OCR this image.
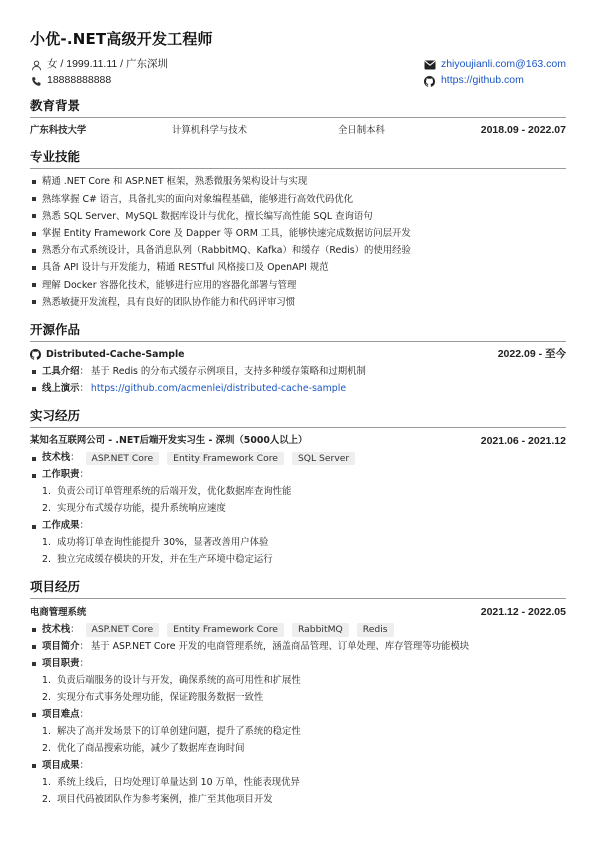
小优-.NET高级开发工程师
女 / 1999.11.11 / 广东深圳
18888888888
zhiyoujianli.com@163.com
https://github.com
教育背景
广东科技大学	计算机科学与技术	全日制本科	2018.09 - 2022.07
专业技能
精通 .NET Core 和 ASP.NET 框架，熟悉微服务架构设计与实现
熟练掌握 C# 语言，具备扎实的面向对象编程基础，能够进行高效代码优化
熟悉 SQL Server、MySQL 数据库设计与优化，擅长编写高性能 SQL 查询语句
掌握 Entity Framework Core 及 Dapper 等 ORM 工具，能够快速完成数据访问层开发
熟悉分布式系统设计，具备消息队列（RabbitMQ、Kafka）和缓存（Redis）的使用经验
具备 API 设计与开发能力，精通 RESTful 风格接口及 OpenAPI 规范
理解 Docker 容器化技术，能够进行应用的容器化部署与管理
熟悉敏捷开发流程，具有良好的团队协作能力和代码评审习惯
开源作品
Distributed-Cache-Sample	2022.09 - 至今
工具介绍 ： 基于 Redis 的分布式缓存示例项目，支持多种缓存策略和过期机制
线上演示 ： https://github.com/acmenlei/distributed-cache-sample
实习经历
某知名互联网公司 - .NET后端开发实习生 - 深圳（5000人以上）	2021.06 - 2021.12
技术栈 ：	ASP.NET Core	Entity Framework Core	SQL Server
工作职责 ：
1. 负责公司订单管理系统的后端开发，优化数据库查询性能
2. 实现分布式缓存功能，提升系统响应速度
工作成果 ：
1. 成功将订单查询性能提升 30%，显著改善用户体验
2. 独立完成缓存模块的开发，并在生产环境中稳定运行
项目经历
电商管理系统	2021.12 - 2022.05
技术栈 ：	ASP.NET Core	Entity Framework Core	RabbitMQ	Redis
项目简介 ： 基于 ASP.NET Core 开发的电商管理系统，涵盖商品管理、订单处理、库存管理等功能模块
项目职责 ：
1. 负责后端服务的设计与开发，确保系统的高可用性和扩展性
2. 实现分布式事务处理功能，保证跨服务数据一致性
项目难点 ：
1. 解决了高并发场景下的订单创建问题，提升了系统的稳定性
2. 优化了商品搜索功能，减少了数据库查询时间
项目成果 ：
1. 系统上线后，日均处理订单量达到 10 万单，性能表现优异
2. 项目代码被团队作为参考案例，推广至其他项目开发
